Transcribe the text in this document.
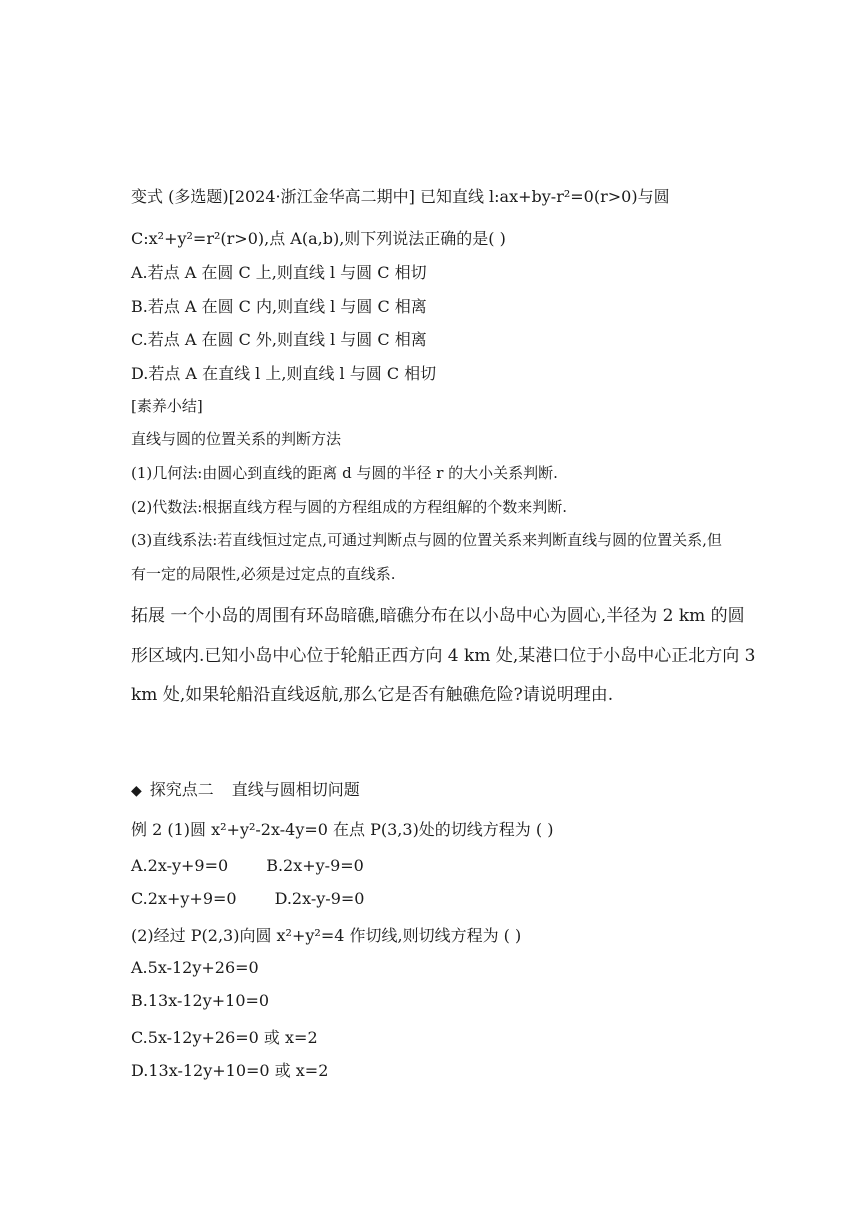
变式 (多选题)[2024·浙江金华高二期中] 已知直线 l:ax+by-r²=0(r>0)与圆
C:x²+y²=r²(r>0),点 A(a,b),则下列说法正确的是( )
A.若点 A 在圆 C 上,则直线 l 与圆 C 相切
B.若点 A 在圆 C 内,则直线 l 与圆 C 相离
C.若点 A 在圆 C 外,则直线 l 与圆 C 相离
D.若点 A 在直线 l 上,则直线 l 与圆 C 相切
[素养小结]
直线与圆的位置关系的判断方法
(1)几何法:由圆心到直线的距离 d 与圆的半径 r 的大小关系判断.
(2)代数法:根据直线方程与圆的方程组成的方程组解的个数来判断.
(3)直线系法:若直线恒过定点,可通过判断点与圆的位置关系来判断直线与圆的位置关系,但
有一定的局限性,必须是过定点的直线系.
拓展 一个小岛的周围有环岛暗礁,暗礁分布在以小岛中心为圆心,半径为 2 km 的圆
形区域内.已知小岛中心位于轮船正西方向 4 km 处,某港口位于小岛中心正北方向 3
km 处,如果轮船沿直线返航,那么它是否有触礁危险?请说明理由.
◆ 探究点二 直线与圆相切问题
例 2 (1)圆 x²+y²-2x-4y=0 在点 P(3,3)处的切线方程为 ( )
A.2x-y+9=0 B.2x+y-9=0
C.2x+y+9=0 D.2x-y-9=0
(2)经过 P(2,3)向圆 x²+y²=4 作切线,则切线方程为 ( )
A.5x-12y+26=0
B.13x-12y+10=0
C.5x-12y+26=0 或 x=2
D.13x-12y+10=0 或 x=2
